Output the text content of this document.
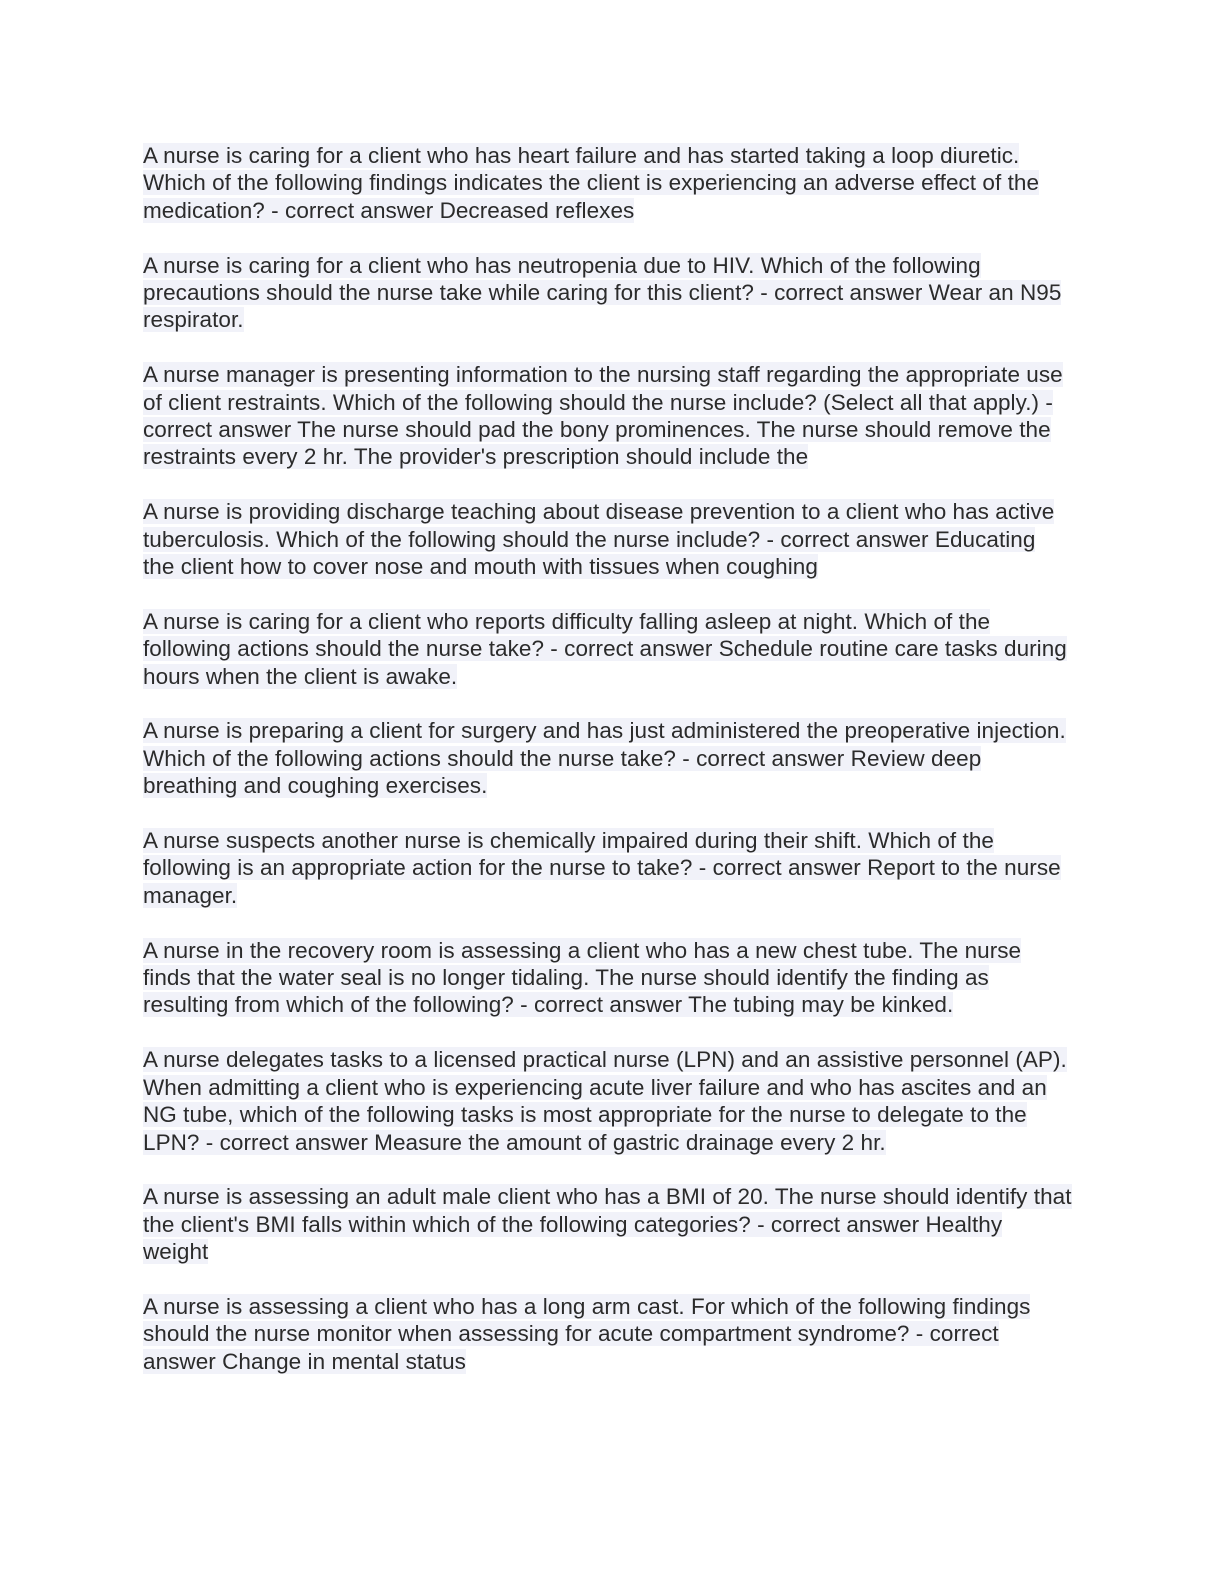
A nurse is caring for a client who has heart failure and has started taking a loop diuretic. Which of the following findings indicates the client is experiencing an adverse effect of the medication? - correct answer Decreased reflexes

A nurse is caring for a client who has neutropenia due to HIV. Which of the following precautions should the nurse take while caring for this client? - correct answer Wear an N95 respirator.

A nurse manager is presenting information to the nursing staff regarding the appropriate use of client restraints. Which of the following should the nurse include? (Select all that apply.) - correct answer The nurse should pad the bony prominences. The nurse should remove the restraints every 2 hr. The provider's prescription should include the

A nurse is providing discharge teaching about disease prevention to a client who has active tuberculosis. Which of the following should the nurse include? - correct answer Educating the client how to cover nose and mouth with tissues when coughing

A nurse is caring for a client who reports difficulty falling asleep at night. Which of the following actions should the nurse take? - correct answer Schedule routine care tasks during hours when the client is awake.

A nurse is preparing a client for surgery and has just administered the preoperative injection. Which of the following actions should the nurse take? - correct answer Review deep breathing and coughing exercises.

A nurse suspects another nurse is chemically impaired during their shift. Which of the following is an appropriate action for the nurse to take? - correct answer Report to the nurse manager.

A nurse in the recovery room is assessing a client who has a new chest tube. The nurse finds that the water seal is no longer tidaling. The nurse should identify the finding as resulting from which of the following? - correct answer The tubing may be kinked.

A nurse delegates tasks to a licensed practical nurse (LPN) and an assistive personnel (AP). When admitting a client who is experiencing acute liver failure and who has ascites and an NG tube, which of the following tasks is most appropriate for the nurse to delegate to the LPN? - correct answer Measure the amount of gastric drainage every 2 hr.

A nurse is assessing an adult male client who has a BMI of 20. The nurse should identify that the client's BMI falls within which of the following categories? - correct answer Healthy weight

A nurse is assessing a client who has a long arm cast. For which of the following findings should the nurse monitor when assessing for acute compartment syndrome? - correct answer Change in mental status
